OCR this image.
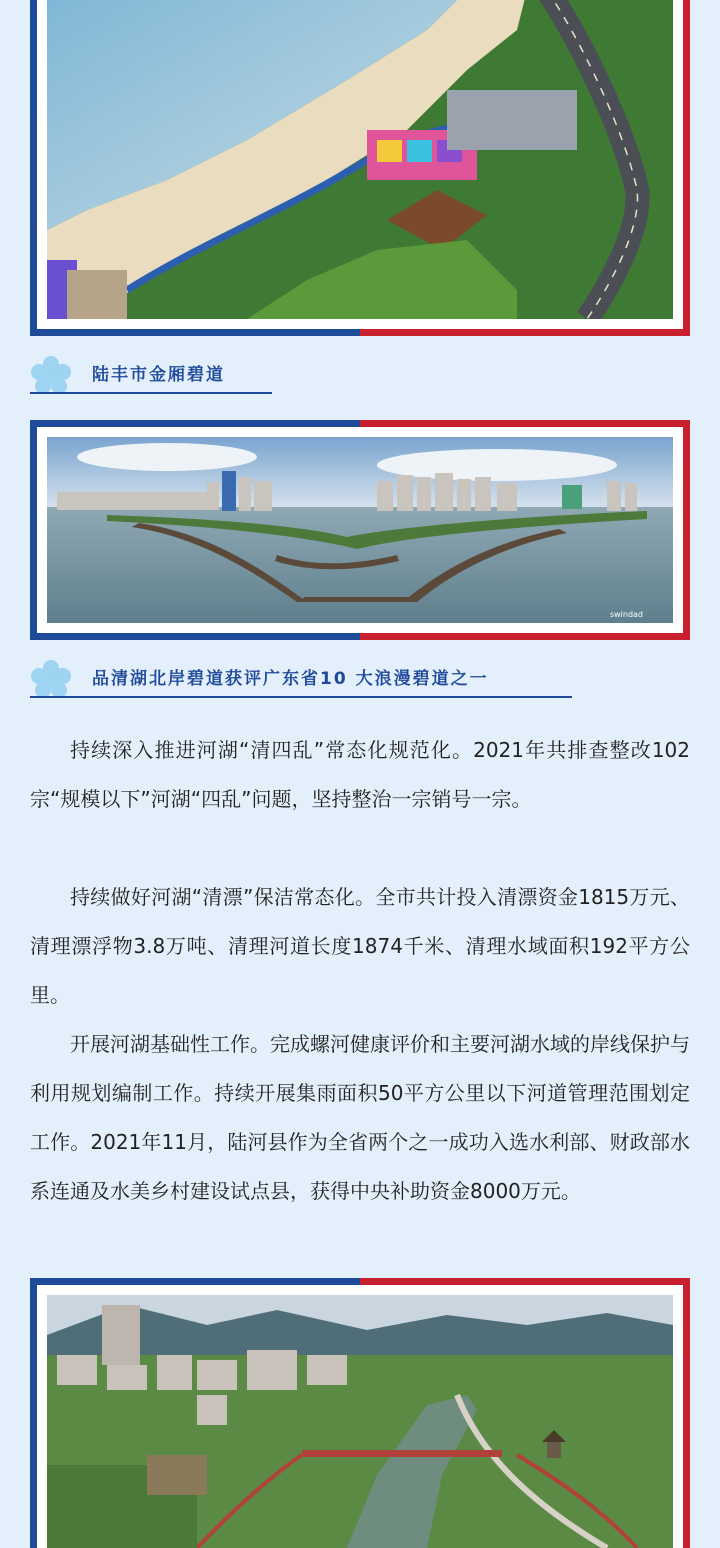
陆丰市金厢碧道
swindad
品清湖北岸碧道获评广东省10 大浪漫碧道之一

持续深入推进河湖“清四乱”常态化规范化。2021年共排查整改102宗“规模以下”河湖“四乱”问题，坚持整治一宗销号一宗。

持续做好河湖“清漂”保洁常态化。全市共计投入清漂资金1815万元、清理漂浮物3.8万吨、清理河道长度1874千米、清理水域面积192平方公里。

开展河湖基础性工作。完成螺河健康评价和主要河湖水域的岸线保护与利用规划编制工作。持续开展集雨面积50平方公里以下河道管理范围划定工作。2021年11月，陆河县作为全省两个之一成功入选水利部、财政部水系连通及水美乡村建设试点县，获得中央补助资金8000万元。
